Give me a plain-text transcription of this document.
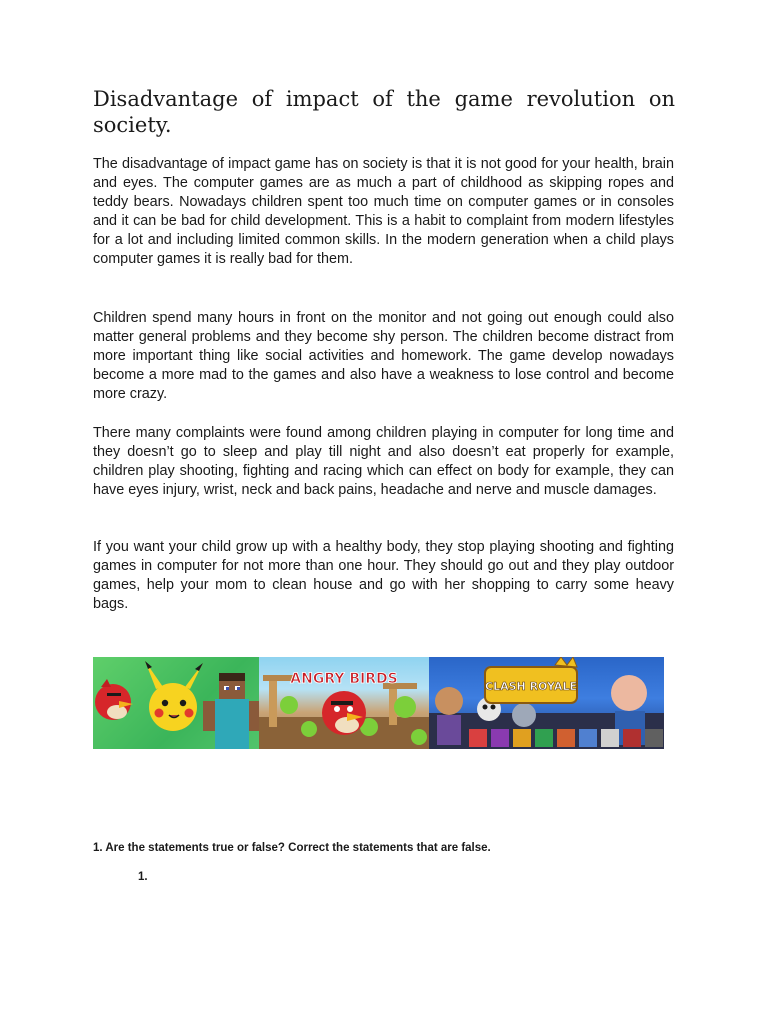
Disadvantage of impact of the game revolution on society.

The disadvantage of impact game has on society is that it is not good for your health, brain and eyes. The computer games are as much a part of childhood as skipping ropes and teddy bears. Nowadays children spent too much time on computer games or in consoles and it can be bad for child development. This is a habit to complaint from modern lifestyles for a lot and including limited common skills. In the modern generation when a child plays computer games it is really bad for them.

Children spend many hours in front on the monitor and not going out enough could also matter general problems and they become shy person. The children become distract from more important thing like social activities and homework. The game develop nowadays become a more mad to the games and also have a weakness to lose control and become more crazy.

There many complaints were found among children playing in computer for long time and they doesn’t go to sleep and play till night and also doesn’t eat properly for example, children play shooting, fighting and racing which can effect on body for example, they can have eyes injury, wrist, neck and back pains, headache and nerve and muscle damages.

If you want your child grow up with a healthy body, they stop playing shooting and fighting games in computer for not more than one hour. They should go out and they play outdoor games, help your mom to clean house and go with her shopping to carry some heavy bags.

ANGRY BIRDS	CLASH ROYALE

1. Are the statements true or false? Correct the statements that are false.

1.
